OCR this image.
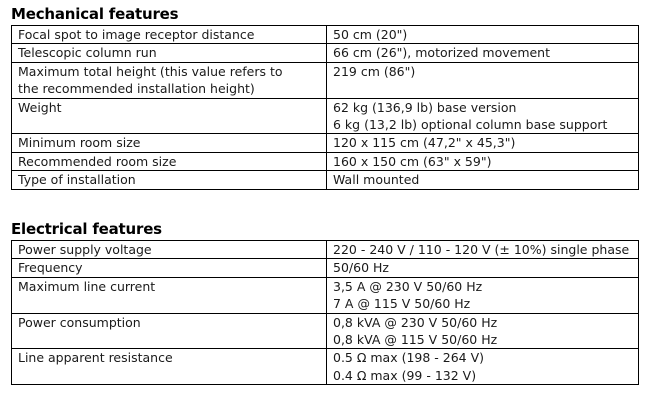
Mechanical features
Focal spot to image receptor distance	50 cm (20")

Telescopic column run	66 cm (26"), motorized movement

Maximum total height (this value refers to
the recommended installation height)	219 cm (86")

Weight	62 kg (136,9 lb) base version
6 kg (13,2 lb) optional column base support

Minimum room size	120 x 115 cm (47,2" x 45,3")

Recommended room size	160 x 150 cm (63" x 59")

Type of installation	Wall mounted
Electrical features
Power supply voltage	220 - 240 V / 110 - 120 V (± 10%) single phase

Frequency	50/60 Hz

Maximum line current	3,5 A @ 230 V 50/60 Hz
7 A @ 115 V 50/60 Hz

Power consumption	0,8 kVA @ 230 V 50/60 Hz
0,8 kVA @ 115 V 50/60 Hz

Line apparent resistance	0.5 Ω max (198 - 264 V)
0.4 Ω max (99 - 132 V)
